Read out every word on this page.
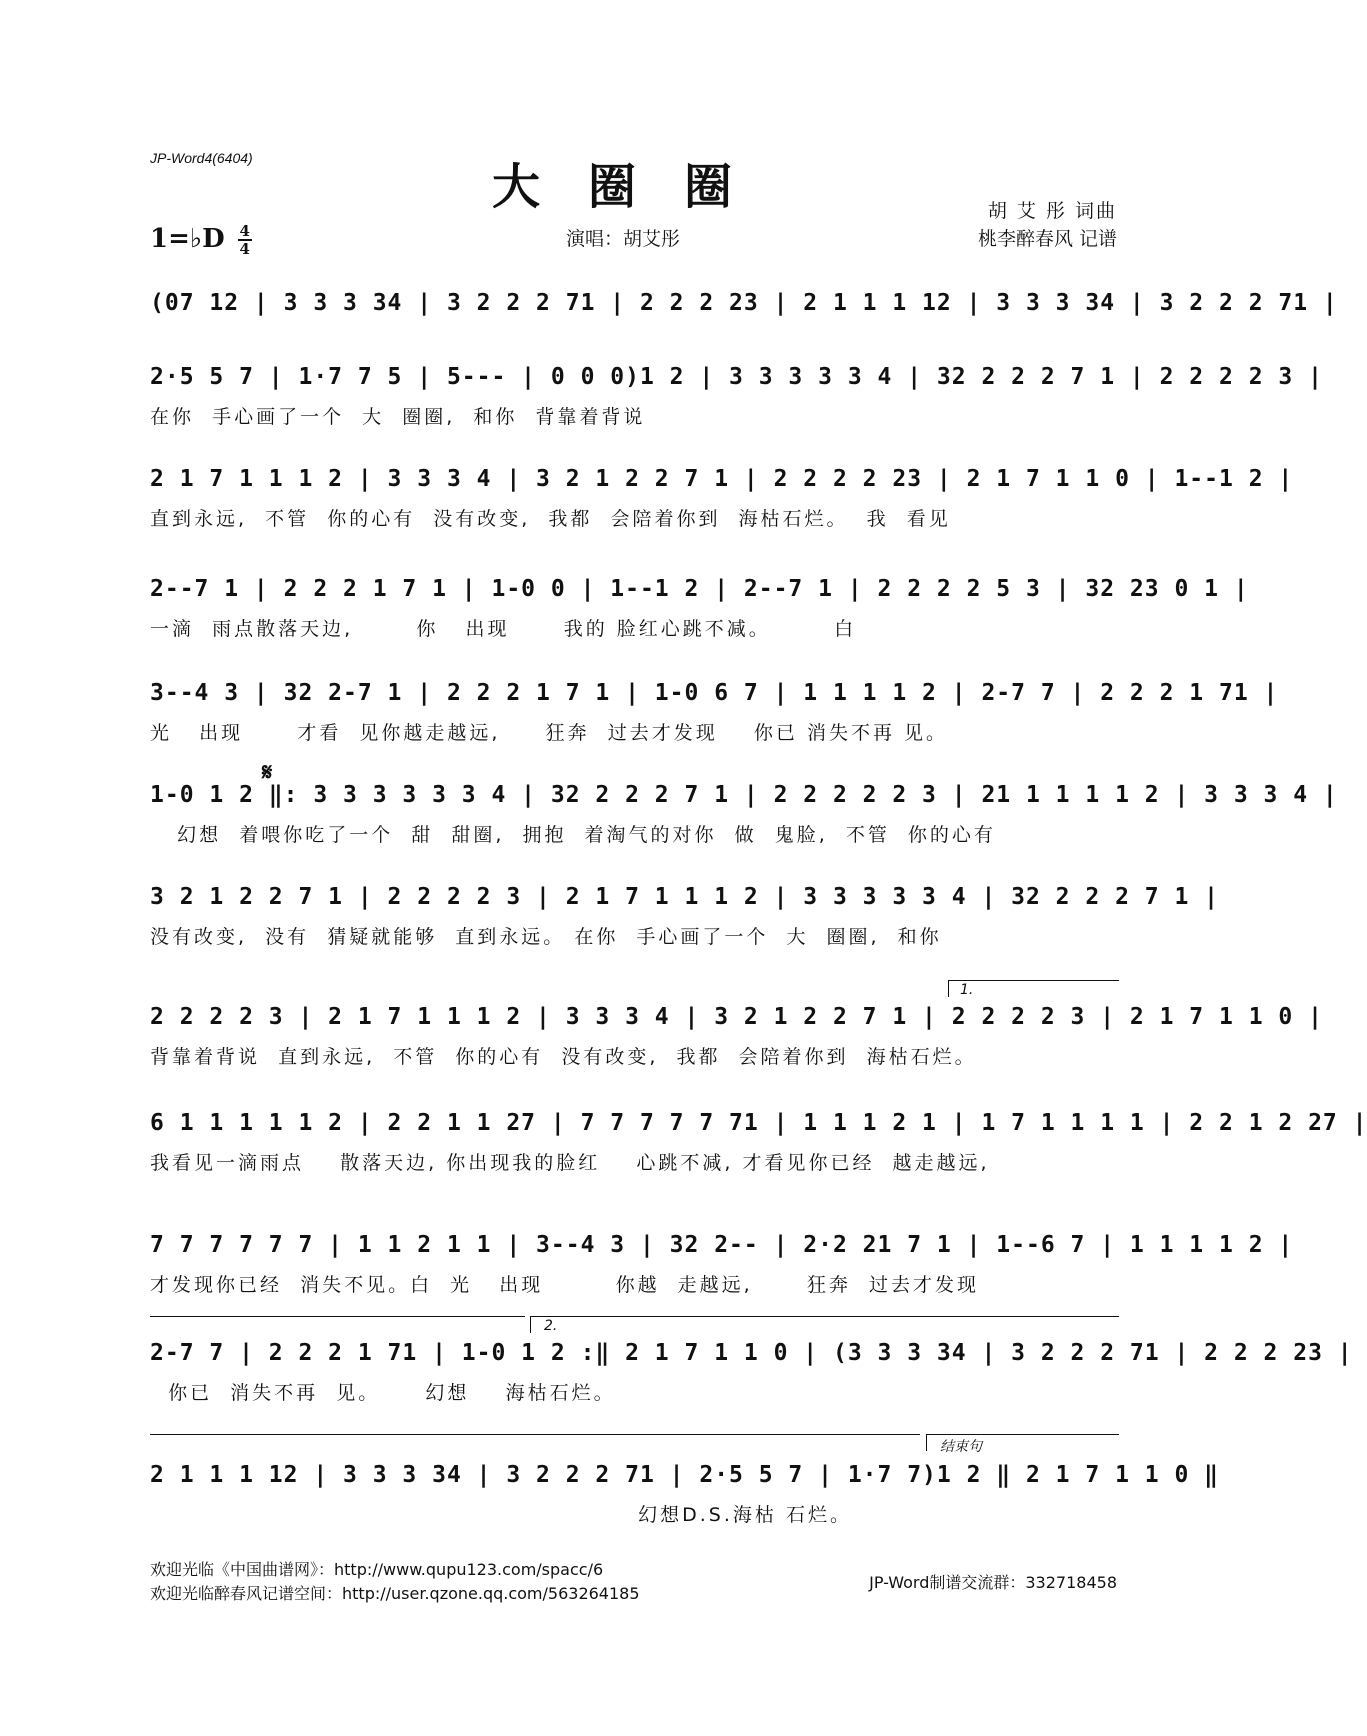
JP-Word4(6404)
大圈圈
1=♭D $\frac{4}{4}$	演唱：胡艾彤
胡 艾 彤 词曲
桃李醉春风 记谱
(07 12 | 3 3 3 34 | 3 2 2 2 71 | 2 2 2 23 | 2 1 1 1 12 | 3 3 3 34 | 3 2 2 2 71 |
2·5 5 7 | 1·7 7 5 | 5--- | 0 0 0)1 2 | 3 3 3 3 3 4 | 32 2 2 2 7 1 | 2 2 2 2 3 |
在你  手心画了一个  大  圈圈,  和你  背靠着背说
2 1 7 1 1 1 2 | 3 3 3 4 | 3 2 1 2 2 7 1 | 2 2 2 2 23 | 2 1 7 1 1 0 | 1--1 2 |
直到永远,  不管  你的心有  没有改变,  我都  会陪着你到  海枯石烂。  我  看见
2--7 1 | 2 2 2 1 7 1 | 1-0 0 | 1--1 2 | 2--7 1 | 2 2 2 2 5 3 | 32 23 0 1 |
一滴  雨点散落天边,       你   出现      我的 脸红心跳不减。       白
3--4 3 | 32 2-7 1 | 2 2 2 1 7 1 | 1-0 6 7 | 1 1 1 1 2 | 2-7 7 | 2 2 2 1 71 |
光   出现      才看  见你越走越远,     狂奔  过去才发现    你已 消失不再 见。
𝄋
1-0 1 2 ‖: 3 3 3 3 3 3 4 | 32 2 2 2 7 1 | 2 2 2 2 2 3 | 21 1 1 1 1 2 | 3 3 3 4 |
幻想  着喂你吃了一个  甜  甜圈,  拥抱  着淘气的对你  做  鬼脸,  不管  你的心有
3 2 1 2 2 7 1 | 2 2 2 2 3 | 2 1 7 1 1 1 2 | 3 3 3 3 3 4 | 32 2 2 2 7 1 |
没有改变,  没有  猜疑就能够  直到永远。 在你  手心画了一个  大  圈圈,  和你
1.
2 2 2 2 3 | 2 1 7 1 1 1 2 | 3 3 3 4 | 3 2 1 2 2 7 1 | 2 2 2 2 3 | 2 1 7 1 1 0 |
背靠着背说  直到永远,  不管  你的心有  没有改变,  我都  会陪着你到  海枯石烂。
6 1 1 1 1 1 2 | 2 2 1 1 27 | 7 7 7 7 7 71 | 1 1 1 2 1 | 1 7 1 1 1 1 | 2 2 1 2 27 |
我看见一滴雨点    散落天边, 你出现我的脸红    心跳不减, 才看见你已经  越走越远,
7 7 7 7 7 7 | 1 1 2 1 1 | 3--4 3 | 32 2-- | 2·2 21 7 1 | 1--6 7 | 1 1 1 1 2 |
才发现你已经  消失不见。白  光   出现        你越  走越远,      狂奔  过去才发现
2.
2-7 7 | 2 2 2 1 71 | 1-0 1 2 :‖ 2 1 7 1 1 0 | (3 3 3 34 | 3 2 2 2 71 | 2 2 2 23 |
你已  消失不再  见。     幻想    海枯石烂。
结束句
2 1 1 1 12 | 3 3 3 34 | 3 2 2 2 71 | 2·5 5 7 | 1·7 7)1 2 ‖ 2 1 7 1 1 0 ‖
幻想D.S.海枯 石烂。
欢迎光临《中国曲谱网》：http://www.qupu123.com/spacc/6
欢迎光临醉春风记谱空间：http://user.qzone.qq.com/563264185
JP-Word制谱交流群：332718458
